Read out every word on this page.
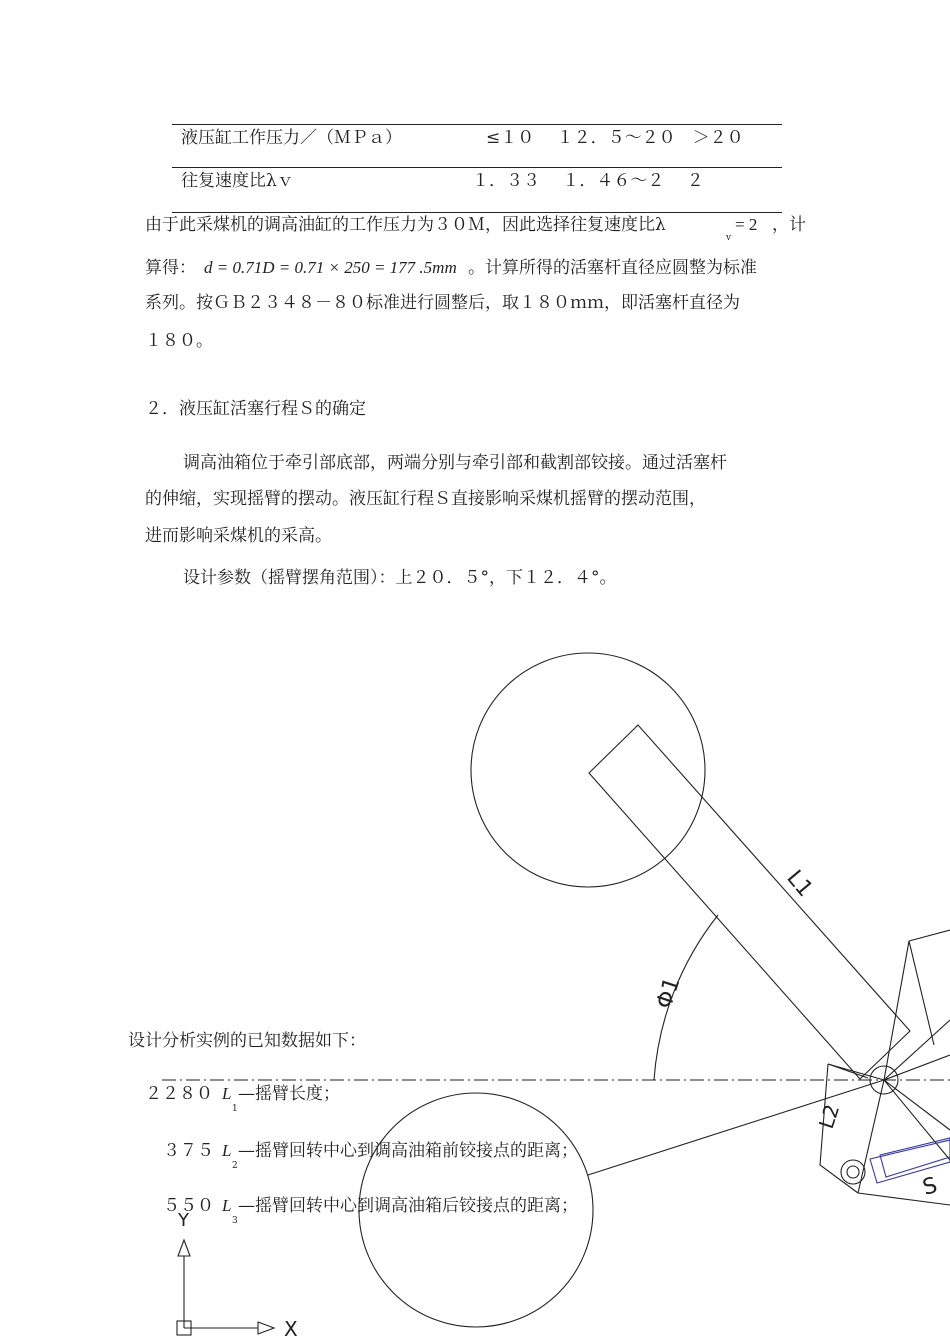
液压缸工作压力／（ＭＰａ）	≤１０ 　１２．５～２０　＞２０
往复速度比λｖ	１．３３　 １．４６～２　 ２
由于此采煤机的调高油缸的工作压力为３０Ｍ，因此选择往复速度比λ
v
= 2 ，计
算得： d = 0.71D = 0.71 × 250 = 177 .5mm 。计算所得的活塞杆直径应圆整为标准
系列。按ＧＢ２３４８－８０标准进行圆整后，取１８０ｍｍ，即活塞杆直径为
１８０。
２．液压缸活塞行程Ｓ的确定
调高油箱位于牵引部底部，两端分别与牵引部和截割部铰接。通过活塞杆
的伸缩，实现摇臂的摆动。液压缸行程Ｓ直接影响采煤机摇臂的摆动范围，
进而影响采煤机的采高。
设计参数（摇臂摆角范围）：上２０．５°，下１２．４°。
L1
Φ1
L2
S
X
Y
设计分析实例的已知数据如下：
２２８０ L
1
—摇臂长度；
３７５ L
2
—摇臂回转中心到调高油箱前铰接点的距离；
５５０ L
3
—摇臂回转中心到调高油箱后铰接点的距离；
